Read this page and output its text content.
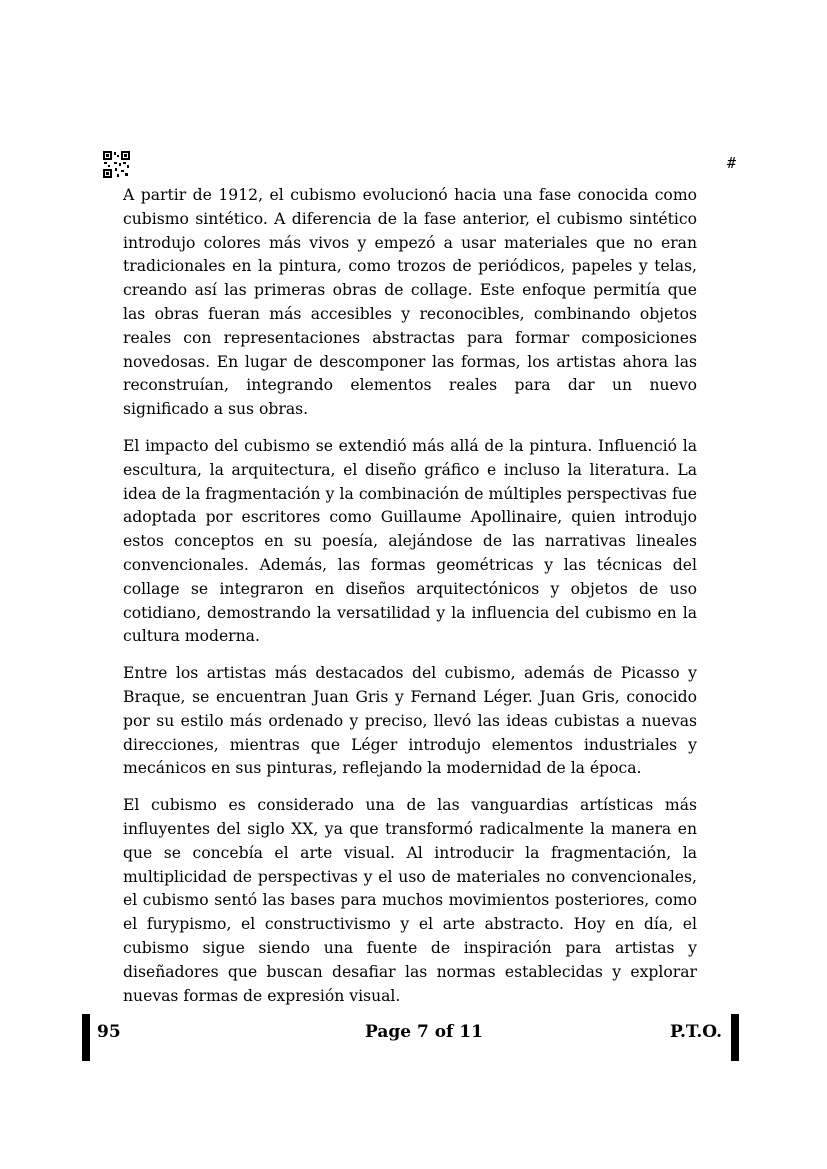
#

A partir de 1912, el cubismo evolucionó hacia una fase conocida como cubismo sintético. A diferencia de la fase anterior, el cubismo sintético introdujo colores más vivos y empezó a usar materiales que no eran tradicionales en la pintura, como trozos de periódicos, papeles y telas, creando así las primeras obras de collage. Este enfoque permitía que las obras fueran más accesibles y reconocibles, combinando objetos reales con representaciones abstractas para formar composiciones novedosas. En lugar de descomponer las formas, los artistas ahora las reconstruían, integrando elementos reales para dar un nuevo significado a sus obras.

El impacto del cubismo se extendió más allá de la pintura. Influenció la escultura, la arquitectura, el diseño gráfico e incluso la literatura. La idea de la fragmentación y la combinación de múltiples perspectivas fue adoptada por escritores como Guillaume Apollinaire, quien introdujo estos conceptos en su poesía, alejándose de las narrativas lineales convencionales. Además, las formas geométricas y las técnicas del collage se integraron en diseños arquitectónicos y objetos de uso cotidiano, demostrando la versatilidad y la influencia del cubismo en la cultura moderna.

Entre los artistas más destacados del cubismo, además de Picasso y Braque, se encuentran Juan Gris y Fernand Léger. Juan Gris, conocido por su estilo más ordenado y preciso, llevó las ideas cubistas a nuevas direcciones, mientras que Léger introdujo elementos industriales y mecánicos en sus pinturas, reflejando la modernidad de la época.

El cubismo es considerado una de las vanguardias artísticas más influyentes del siglo XX, ya que transformó radicalmente la manera en que se concebía el arte visual. Al introducir la fragmentación, la multiplicidad de perspectivas y el uso de materiales no convencionales, el cubismo sentó las bases para muchos movimientos posteriores, como el furурismo, el constructivismo y el arte abstracto. Hoy en día, el cubismo sigue siendo una fuente de inspiración para artistas y diseñadores que buscan desafiar las normas establecidas y explorar nuevas formas de expresión visual.

95	Page 7 of 11	P.T.O.
